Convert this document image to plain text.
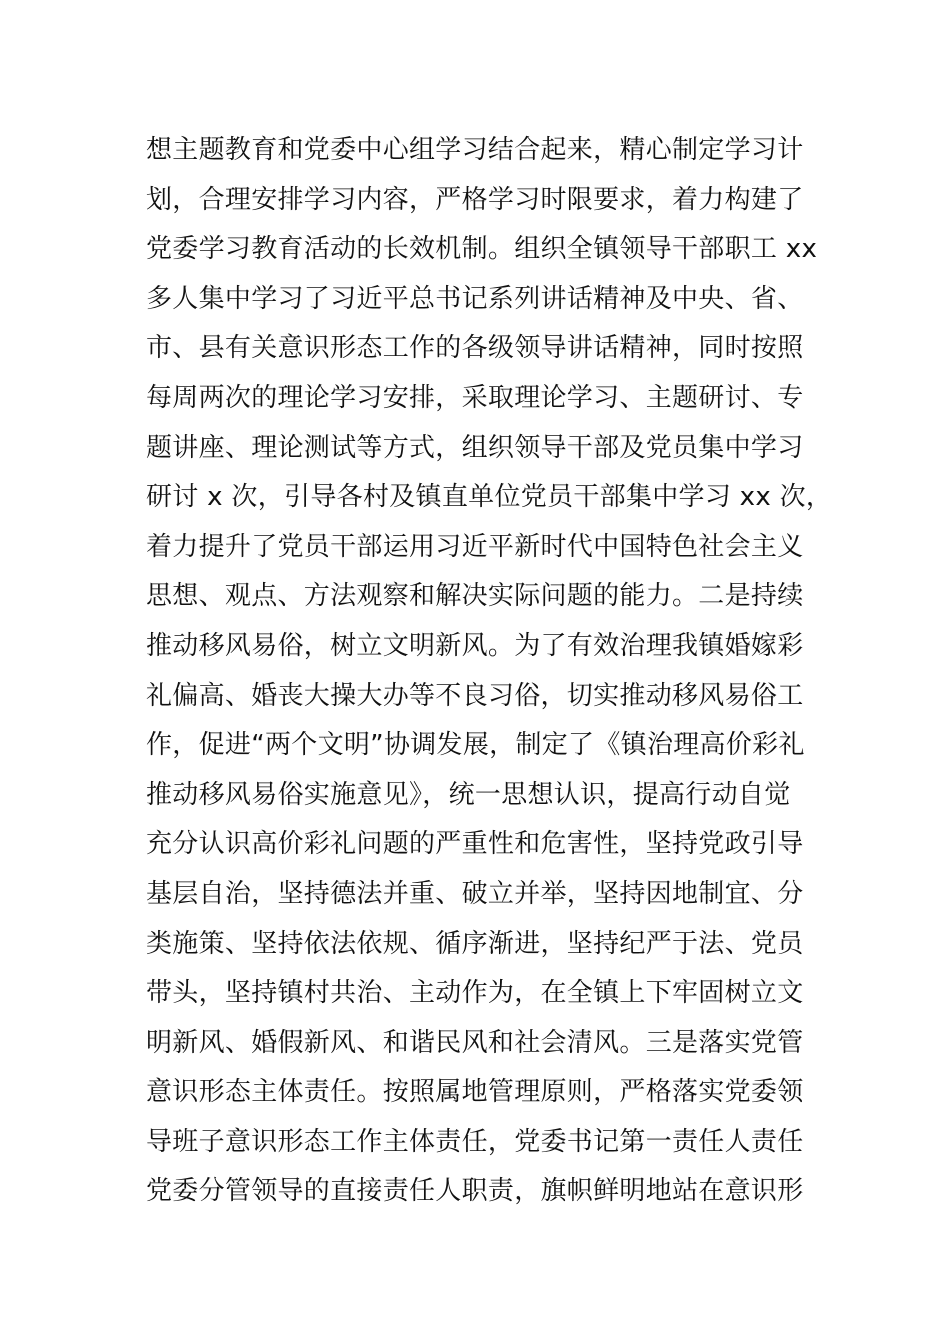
想主题教育和党委中心组学习结合起来，精心制定学习计
划，合理安排学习内容，严格学习时限要求，着力构建了
党委学习教育活动的长效机制。组织全镇领导干部职工 xx
多人集中学习了习近平总书记系列讲话精神及中央、省、
市、县有关意识形态工作的各级领导讲话精神，同时按照
每周两次的理论学习安排，采取理论学习、主题研讨、专
题讲座、理论测试等方式，组织领导干部及党员集中学习
研讨 x 次，引导各村及镇直单位党员干部集中学习 xx 次，
着力提升了党员干部运用习近平新时代中国特色社会主义
思想、观点、方法观察和解决实际问题的能力。二是持续
推动移风易俗，树立文明新风。为了有效治理我镇婚嫁彩
礼偏高、婚丧大操大办等不良习俗，切实推动移风易俗工
作，促进“两个文明”协调发展，制定了《镇治理高价彩礼
推动移风易俗实施意见》，统一思想认识，提高行动自觉
充分认识高价彩礼问题的严重性和危害性，坚持党政引导
基层自治，坚持德法并重、破立并举，坚持因地制宜、分
类施策、坚持依法依规、循序渐进，坚持纪严于法、党员
带头，坚持镇村共治、主动作为，在全镇上下牢固树立文
明新风、婚假新风、和谐民风和社会清风。三是落实党管
意识形态主体责任。按照属地管理原则，严格落实党委领
导班子意识形态工作主体责任，党委书记第一责任人责任
党委分管领导的直接责任人职责，旗帜鲜明地站在意识形
